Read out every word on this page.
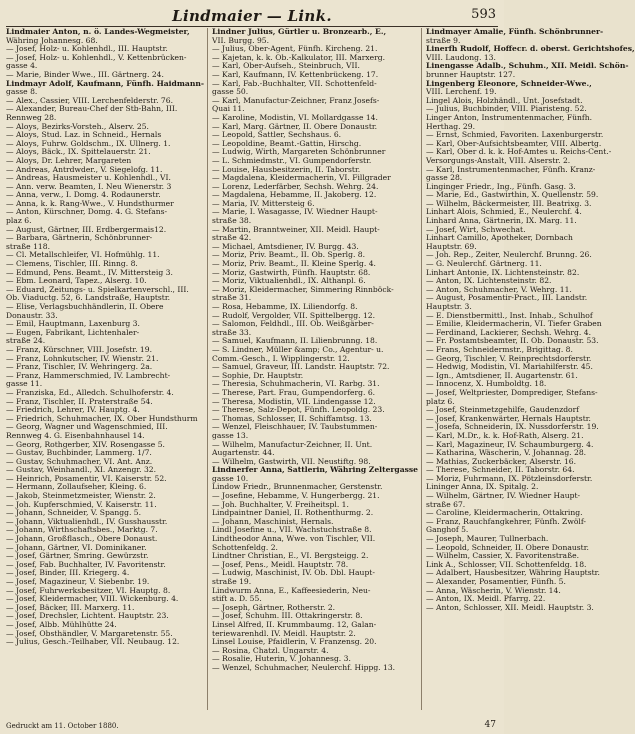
Lindmaier — Link.	593

Lindmaier Anton, n. ö. Landes-Wegmeister,

Währing Johannesg. 68.

— Josef, Holz- u. Kohlenhdl., III. Hauptstr.

— Josef, Holz- u. Kohlenhdl., V. Kettenbrücken-

gasse 4.

— Marie, Binder Wwe., III. Gärtnerg. 24.

Lindmayr Adolf, Kaufmann, Fünfh. Haidmann-

gasse 8.

— Alex., Cassier, VIII. Lerchenfelderstr. 76.

— Alexander, Bureau-Chef der Stb-Bahn, III.

Rennweg 28.

— Aloys, Bezirks-Vorsteh., Alserv. 25.

— Aloys, Stud. Laz. in Schneid., Hernals

— Aloys, Fuhrw. Goldschm., IX. Ullnerg. 1.

— Aloys, Bäck., IX. Spittelauerstr. 21.

— Aloys, Dr. Lehrer, Margareten

— Andreas, Antrdwder., V. Siegelofg. 11.

— Andreas, Hausmeister u. Kohlenhdl., VI.

— Ann. verw. Beamten, I. Neu Wienerstr. 3

— Anna, verw., I. Domg. 4. Rodaunerstr.

— Anna, k. k. Rang-Wwe., V. Hundsthurmer

— Anton, Kürschner, Domg. 4. G. Stefans-

plaz 6.

— August, Gärtner, III. Erdbergermais12.

— Barbara, Gärtnerin, Schönbrunner-

straße 118.

— Cl. Metallschleifer, VI. Hofmühlg. 11.

— Clemens, Tischler, III. Rinng. 8.

— Edmund, Pens. Beamt., IV. Mittersteig 3.

— Ebm. Leonard, Tapez., Alserg. 10.

— Eduard, Zeitungs- u. Spielkartenverschl., III.

Ob. Viaductg. 52, 6. Landstraße, Hauptstr.

— Elise, Verlagsbuchhändlerin, II. Obere

Donaustr. 33.

— Emil, Hauptmann, Laxenburg 3.

— Eugen, Fabrikant, Lichtenhaler-

straße 24.

— Franz, Kürschner, VIII. Josefstr. 19.

— Franz, Lohnkutscher, IV. Wienstr. 21.

— Franz, Tischler, IV. Wehringerg. 2a.

— Franz, Hammerschmied, IV. Lambrecht-

gasse 11.

— Franziska, Ed., Alledch. Schulhoferstr. 4.

— Franz, Tischler, II. Praterstraße 54.

— Friedrich, Lehrer, IV. Hauptg. 4.

— Friedrich, Schuhmacher, IX. Ober Hundsthurm

— Georg, Wagner und Wagenschmied, III.

Rennweg 4. G. Eisenbahnhausel 14.

— Georg, Rothgerber, XIV. Rosengasse 5.

— Gustav, Buchbinder, Lammerg. 1/7.

— Gustav, Schuhmacher, VI. Ant. Anz.

— Gustav, Weinhandl., XI. Anzengr. 32.

— Heinrich, Posamentir, VI. Kaiserstr. 52.

— Hermann, Zollaufseher, Kleing. 6.

— Jakob, Steinmetzmeister, Wienstr. 2.

— Joh. Kupferschmied, V. Kaiserstr. 11.

— Johann, Schneider, V. Spangg. 5.

— Johann, Viktualienhdl., IV. Gusshausstr.

— Johann, Wirthschaftsbes., Marktg. 7.

— Johann, Großflasch., Obere Donaust.

— Johann, Gärtner, VI. Dominikaner.

— Josef, Gärtner, Smring. Gewürzstr.

— Josef, Fab. Buchhalter, IV. Favoritenstr.

— Josef, Binder, III. Kriegerg. 4.

— Josef, Magazineur, V. Siebenbr. 19.

— Josef, Fuhrwerksbesitzer, VI. Hauptg. 8.

— Josef, Kleidermacher, VIII. Wickenburg. 4.

— Josef, Bäcker, III. Marxerg. 11.

— Josef, Drechsler, Lichtent. Hauptstr. 23.

— Josef, Albb. Mühlhütte 24.

— Josef, Obsthändler, V. Margaretenstr. 55.

— Julius, Gesch.-Teilhaber, VII. Neubaug. 12.

Lindner Julius, Gürtler u. Bronzearb., E.,

VII. Burgg. 95.

— Julius, Ober-Agent, Fünfh. Kircheng. 21.

— Kajetan, k. k. Ob.-Kalkulator, III. Marxerg.

— Karl, Ober-Aufseh., Steinbruch, VII.

— Karl, Kaufmann, IV. Kettenbrückeng. 17.

— Karl, Fab.-Buchhalter, VII. Schottenfeld-

gasse 50.

— Karl, Manufactur-Zeichner, Franz Josefs-

Quai 11.

— Karoline, Modistin, VI. Mollardgasse 14.

— Karl, Marg. Gärtner, II. Obere Donaustr.

— Leopold, Sattler, Sechshaus. 6.

— Leopoldine, Beamt.-Gattin, Hirschg.

— Ludwig, Wirth, Margareten Schönbrunner

— L. Schmiedmstr., VI. Gumpendorferstr.

— Louise, Hausbesitzerin, II. Taborstr.

— Magdalena, Kleidermacherin, VI. Fillgrader

— Lorenz, Lederfärber, Sechsh. Wehrg. 24.

— Magdalena, Hebamme, II. Jakoberg. 12.

— Maria, IV. Mittersteig 6.

— Marie, I. Wasagasse, IV. Wiedner Haupt-

straße 38.

— Martin, Branntweiner, XII. Meidl. Haupt-

straße 42.

— Michael, Amtsdiener, IV. Burgg. 43.

— Moriz, Priv. Beamt., II. Ob. Sperlg. 8.

— Moriz, Priv. Beamt., II. Kleine Sperlg. 4.

— Moriz, Gastwirth, Fünfh. Hauptstr. 68.

— Moriz, Viktualienhdl., IX. Althanpl. 6.

— Moriz, Kleidermacher, Simmering Rinnböck-

straße 31.

— Rosa, Hebamme, IX. Liliendorfg. 8.

— Rudolf, Vergolder, VII. Spittelbergg. 12.

— Salomon, Feldhdl., III. Ob. Weißgärber-

straße 33.

— Samuel, Kaufmann, II. Lilienbrunng. 18.

— S. Lindner, Müller &amp; Co., Agentur- u.

Comm.-Gesch., I. Wipplingerstr. 12.

— Samuel, Graveur, III. Landstr. Hauptstr. 72.

— Sophie, Dr. Hauptstr.

— Theresia, Schuhmacherin, VI. Rarbg. 31.

— Therese, Part. Frau, Gumpendorferg. 6.

— Theresa, Modistin, VII. Lindengasse 12.

— Therese, Salz-Depot, Fünfh. Leopoldg. 23.

— Thomas, Schlosser, II. Schiffamtsg. 13.

— Wenzel, Fleischhauer, IV. Taubstummen-

gasse 13.

— Wilhelm, Manufactur-Zeichner, II. Unt.

Augartenstr. 44.

— Wilhelm, Gastwirth, VII. Neustiftg. 98.

Lindnerfer Anna, Sattlerin, Währing Zeltergasse

gasse 10.

Lindow Friedr., Brunnenmacher, Gerstenstr.

— Josefine, Hebamme, V. Hungerbergg. 21.

— Joh. Buchhalter, V. Freiheitspl. 1.

Lindpaintner Daniel, II. Rothenthurmg. 2.

— Johann, Maschinist, Hernals.

Lindl Josefine u., VII. Wachstuchstraße 8.

Lindtheodor Anna, Wwe. von Tischler, VII.

Schottenfeldg. 2.

Lindtner Christian, E., VI. Bergsteigg. 2.

— Josef, Pens., Meidl. Hauptstr. 78.

— Ludwig, Maschinist, IV. Ob. Dbl. Haupt-

straße 19.

Lindwurm Anna, E., Kaffeesiederin, Neu-

stift a. D. 55.

— Joseph, Gärtner, Rotherstr. 2.

— Josef, Schuhm. III. Ottakringerstr. 8.

Linsel Alfred, II. Krummbaumg. 12, Galan-

teriewarenhdl. IV. Meidl. Hauptstr. 2.

Linsel Louise, Pfaidlerin, V. Franzensg. 20.

— Rosina, Chatzl. Ungarstr. 4.

— Rosalie, Huterin, V. Johannesg. 3.

— Wenzel, Schuhmacher, Neulerchf. Hippg. 13.

Lindmayer Amalie, Fünfh. Schönbrunner-

straße 9.

Linerfh Rudolf, Hoffecr. d. oberst. Gerichtshofes,

VIII. Laudong. 13.

Linengasse Adalb., Schuhm., XII. Meidl. Schön-

brunner Hauptstr. 127.

Lingenberg Eleonore, Schneider-Wwe.,

VIII. Lerchenf. 19.

Lingel Alois, Holzhändl., Unt. Josefstadt.

— Julius, Buchbinder, VIII. Piaristeng. 52.

Linger Anton, Instrumentenmacher, Fünfh.

Herthag. 29.

— Ernst, Schmied, Favoriten. Laxenburgerstr.

— Karl, Ober-Aufsichtsbeamter, VIII. Albertg.

— Karl, Ober d. k. k. Hof-Amtes u. Reichs-Cent.-

Versorgungs-Anstalt, VIII. Alserstr. 2.

— Karl, Instrumentenmacher, Fünfh. Kranz-

gasse 28.

Linginger Friedr., Ing., Fünfh. Gasg. 3.

— Marie, Ed., Gastwirthin, X. Quellenstr. 59.

— Wilhelm, Bäckermeister, III. Beatrixg. 3.

Linhart Alois, Schmied, E., Neulerchf. 4.

Linhard Anna, Gärtnerin, IX. Marg. 11.

— Josef, Wirt, Schwechat.

Linhart Camillo, Apotheker, Dornbach

Hauptstr. 69.

— Joh. Rep., Zeiter, Neulerchf. Brunng. 26.

— G. Neulerchf. Gärtnerg. 11.

Linhart Antonie, IX. Lichtensteinstr. 82.

— Anton, IX. Lichtensteinstr. 82.

— Anton, Schuhmacher, V. Wehrg. 11.

— August, Posamentir-Pract., III. Landstr.

Hauptstr. 3.

— E. Dienstbermittl., Inst. Inhab., Schulhof

— Emilie, Kleidermacherin, VI. Tiefer Graben

— Ferdinand, Lackierer, Sechsh. Wehrg. 4.

— Fr. Postamtsbeamter, II. Ob. Donaustr. 53.

— Frans, Schneidermstr., Brigittag. 8.

— Georg, Tischler, V. Reinprechtsdorferstr.

— Hedwig, Modistin, VI. Mariahilferstr. 45.

— Ign., Amtsdiener, II. Augartenstr. 61.

— Innocenz, X. Humboldtg. 18.

— Josef, Weltpriester, Domprediger, Stefans-

platz 6.

— Josef, Steinmetzgehilfe, Gaudenzdorf

— Josef, Krankenwärter, Hernals Hauptstr.

— Josefa, Schneiderin, IX. Nussdorferstr. 19.

— Karl, M.Dr., k. k. Hof-Rath, Alserg. 21.

— Karl, Magazineur, IV. Schaumburgerg. 4.

— Katharina, Wäscherin, V. Johannag. 28.

— Mathias, Zuckerbäcker, Alserstr. 16.

— Therese, Schneider, II. Taborstr. 64.

— Moriz, Fuhrmann, IX. Pötzleinsdorferstr.

Lininger Anna, IX. Spitalg. 2.

— Wilhelm, Gärtner, IV. Wiedner Haupt-

straße 67.

— Caroline, Kleidermacherin, Ottakring.

— Franz, Rauchfangkehrer, Fünfh. Zwölf-

Ganghof 5.

— Joseph, Maurer, Tullnerbach.

— Leopold, Schneider, II. Obere Donaustr.

— Wilhelm, Cassier, X. Favoritenstraße.

Link A., Schlosser, VII. Schottenfeldg. 18.

— Adalbert, Hausbesitzer, Währing Hauptstr.

— Alexander, Posamentier, Fünfh. 5.

— Anna, Wäscherin, V. Wienstr. 14.

— Anton, IX. Meidl. Pfarrg. 22.

— Anton, Schlosser, XII. Meidl. Hauptstr. 3.

Gedruckt am 11. October 1880.	47
